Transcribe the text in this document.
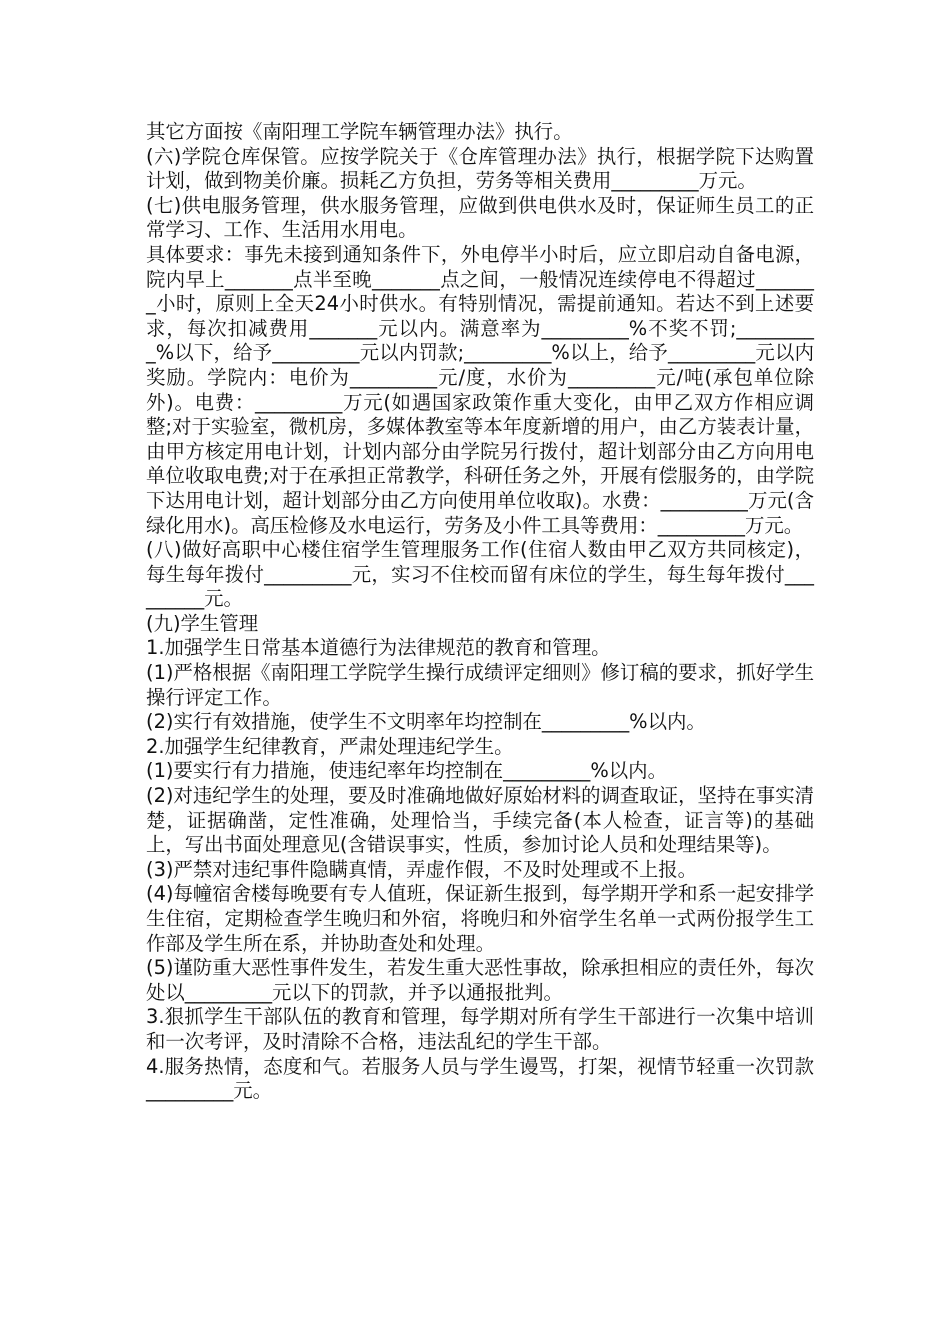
其它方面按《南阳理工学院车辆管理办法》执行。

(六)学院仓库保管。应按学院关于《仓库管理办法》执行，根据学院下达购置计划，做到物美价廉。损耗乙方负担，劳务等相关费用_________万元。

(七)供电服务管理，供水服务管理，应做到供电供水及时，保证师生员工的正常学习、工作、生活用水用电。

具体要求：事先未接到通知条件下，外电停半小时后，应立即启动自备电源，院内早上_______点半至晚_______点之间，一般情况连续停电不得超过_______小时，原则上全天24小时供水。有特别情况，需提前通知。若达不到上述要求，每次扣减费用_______元以内。满意率为_________%不奖不罚;_________%以下，给予_________元以内罚款;_________%以上，给予_________元以内奖励。学院内：电价为_________元/度，水价为_________元/吨(承包单位除外)。电费：_________万元(如遇国家政策作重大变化，由甲乙双方作相应调整;对于实验室，微机房，多媒体教室等本年度新增的用户，由乙方装表计量，由甲方核定用电计划，计划内部分由学院另行拨付，超计划部分由乙方向用电单位收取电费;对于在承担正常教学，科研任务之外，开展有偿服务的，由学院下达用电计划，超计划部分由乙方向使用单位收取)。水费：_________万元(含绿化用水)。高压检修及水电运行，劳务及小件工具等费用：_________万元。

(八)做好高职中心楼住宿学生管理服务工作(住宿人数由甲乙双方共同核定)，每生每年拨付_________元，实习不住校而留有床位的学生，每生每年拨付_________元。

(九)学生管理

1.加强学生日常基本道德行为法律规范的教育和管理。

(1)严格根据《南阳理工学院学生操行成绩评定细则》修订稿的要求，抓好学生操行评定工作。

(2)实行有效措施，使学生不文明率年均控制在_________%以内。

2.加强学生纪律教育，严肃处理违纪学生。

(1)要实行有力措施，使违纪率年均控制在_________%以内。

(2)对违纪学生的处理，要及时准确地做好原始材料的调查取证，坚持在事实清楚，证据确凿，定性准确，处理恰当，手续完备(本人检查，证言等)的基础上，写出书面处理意见(含错误事实，性质，参加讨论人员和处理结果等)。

(3)严禁对违纪事件隐瞒真情，弄虚作假，不及时处理或不上报。

(4)每幢宿舍楼每晚要有专人值班，保证新生报到，每学期开学和系一起安排学生住宿，定期检查学生晚归和外宿，将晚归和外宿学生名单一式两份报学生工作部及学生所在系，并协助查处和处理。

(5)谨防重大恶性事件发生，若发生重大恶性事故，除承担相应的责任外，每次处以_________元以下的罚款，并予以通报批判。

3.狠抓学生干部队伍的教育和管理，每学期对所有学生干部进行一次集中培训和一次考评，及时清除不合格，违法乱纪的学生干部。

4.服务热情，态度和气。若服务人员与学生谩骂，打架，视情节轻重一次罚款_________元。
